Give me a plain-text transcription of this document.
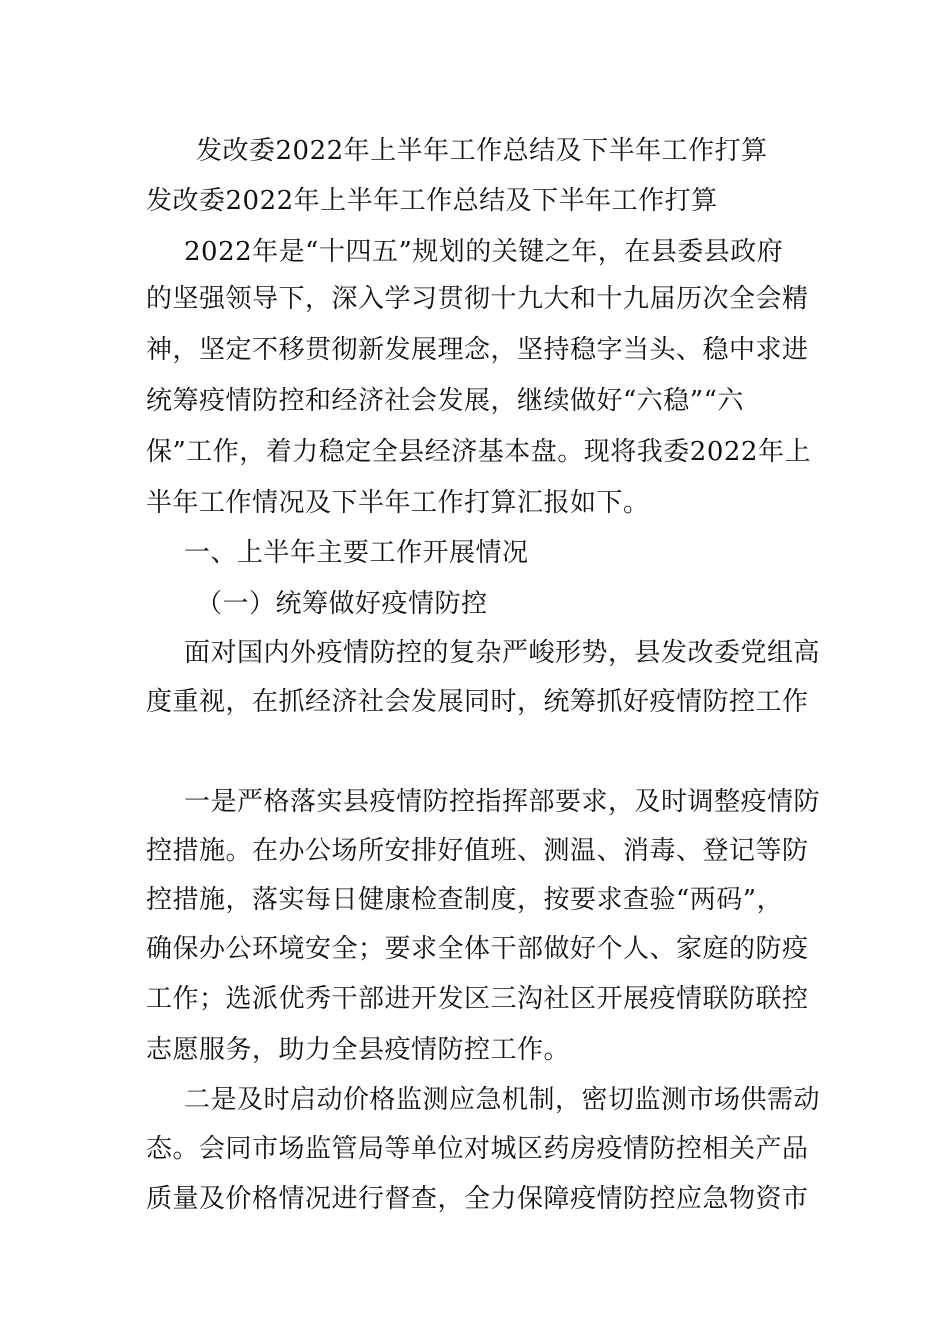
发改委2022年上半年工作总结及下半年工作打算
发改委2022年上半年工作总结及下半年工作打算
2022年是“十四五”规划的关键之年，在县委县政府
的坚强领导下，深入学习贯彻十九大和十九届历次全会精
神，坚定不移贯彻新发展理念，坚持稳字当头、稳中求进
统筹疫情防控和经济社会发展，继续做好“六稳”“六
保”工作，着力稳定全县经济基本盘。现将我委2022年上
半年工作情况及下半年工作打算汇报如下。
一、上半年主要工作开展情况
（一）统筹做好疫情防控
面对国内外疫情防控的复杂严峻形势，县发改委党组高
度重视，在抓经济社会发展同时，统筹抓好疫情防控工作
一是严格落实县疫情防控指挥部要求，及时调整疫情防
控措施。在办公场所安排好值班、测温、消毒、登记等防
控措施，落实每日健康检查制度，按要求查验“两码”，
确保办公环境安全；要求全体干部做好个人、家庭的防疫
工作；选派优秀干部进开发区三沟社区开展疫情联防联控
志愿服务，助力全县疫情防控工作。
二是及时启动价格监测应急机制，密切监测市场供需动
态。会同市场监管局等单位对城区药房疫情防控相关产品
质量及价格情况进行督查，全力保障疫情防控应急物资市
